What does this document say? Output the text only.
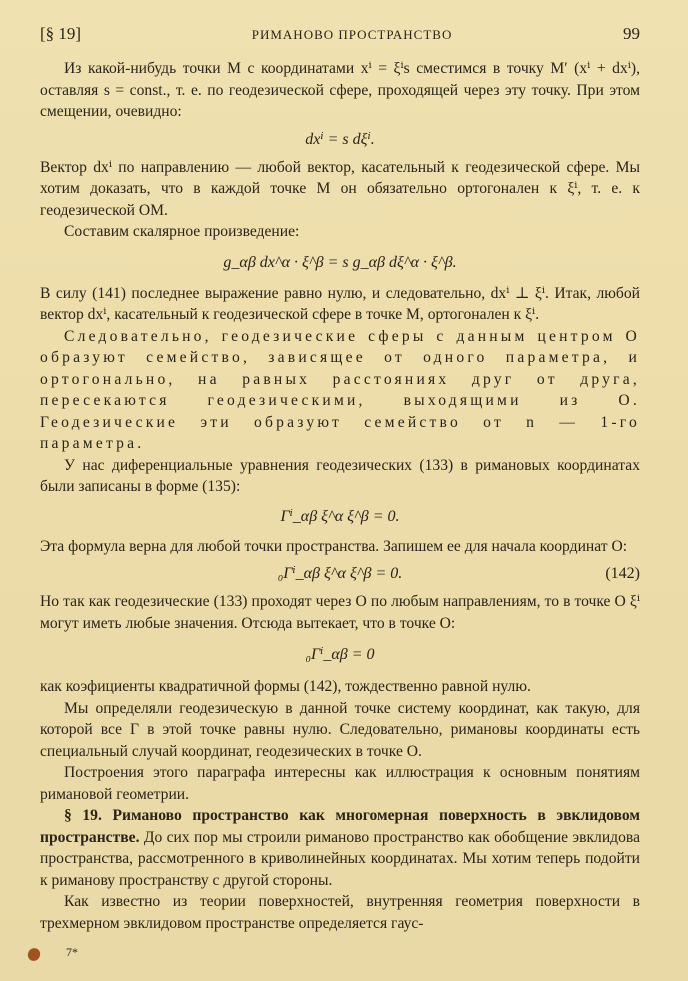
[§ 19]	РИМАНОВО ПРОСТРАНСТВО	99

Из какой-нибудь точки M с координатами xⁱ = ξⁱs сместимся в точку M′ (xⁱ + dxⁱ), оставляя s = const., т. е. по геодезической сфере, проходящей через эту точку. При этом смещении, очевидно:

dxⁱ = s dξⁱ.

Вектор dxⁱ по направлению — любой вектор, касательный к геодезической сфере. Мы хотим доказать, что в каждой точке M он обязательно ортогонален к ξⁱ, т. е. к геодезической OM.

Составим скалярное произведение:

g_αβ dx^α · ξ^β = s g_αβ dξ^α · ξ^β.

В силу (141) последнее выражение равно нулю, и следовательно, dxⁱ ⊥ ξⁱ. Итак, любой вектор dxⁱ, касательный к геодезической сфере в точке M, ортогонален к ξⁱ.

Следовательно, геодезические сферы с данным центром O образуют семейство, зависящее от одного параметра, и ортогонально, на равных расстояниях друг от друга, пересекаются геодезическими, выходящими из O. Геодезические эти образуют семейство от n — 1-го параметра.

У нас диференциальные уравнения геодезических (133) в римановых координатах были записаны в форме (135):

Γⁱ_αβ ξ^α ξ^β = 0.

Эта формула верна для любой точки пространства. Запишем ее для начала координат O:

₀Γⁱ_αβ ξ^α ξ^β = 0.	(142)

Но так как геодезические (133) проходят через O по любым направлениям, то в точке O ξⁱ могут иметь любые значения. Отсюда вытекает, что в точке O:

₀Γⁱ_αβ = 0

как коэфициенты квадратичной формы (142), тождественно равной нулю.

Мы определяли геодезическую в данной точке систему координат, как такую, для которой все Γ в этой точке равны нулю. Следовательно, римановы координаты есть специальный случай координат, геодезических в точке O.

Построения этого параграфа интересны как иллюстрация к основным понятиям римановой геометрии.

§ 19. Риманово пространство как многомерная поверхность в эвклидовом пространстве. До сих пор мы строили риманово пространство как обобщение эвклидова пространства, рассмотренного в криволинейных координатах. Мы хотим теперь подойти к риманову пространству с другой стороны.

Как известно из теории поверхностей, внутренняя геометрия поверхности в трехмерном эвклидовом пространстве определяется гаус-

7*
